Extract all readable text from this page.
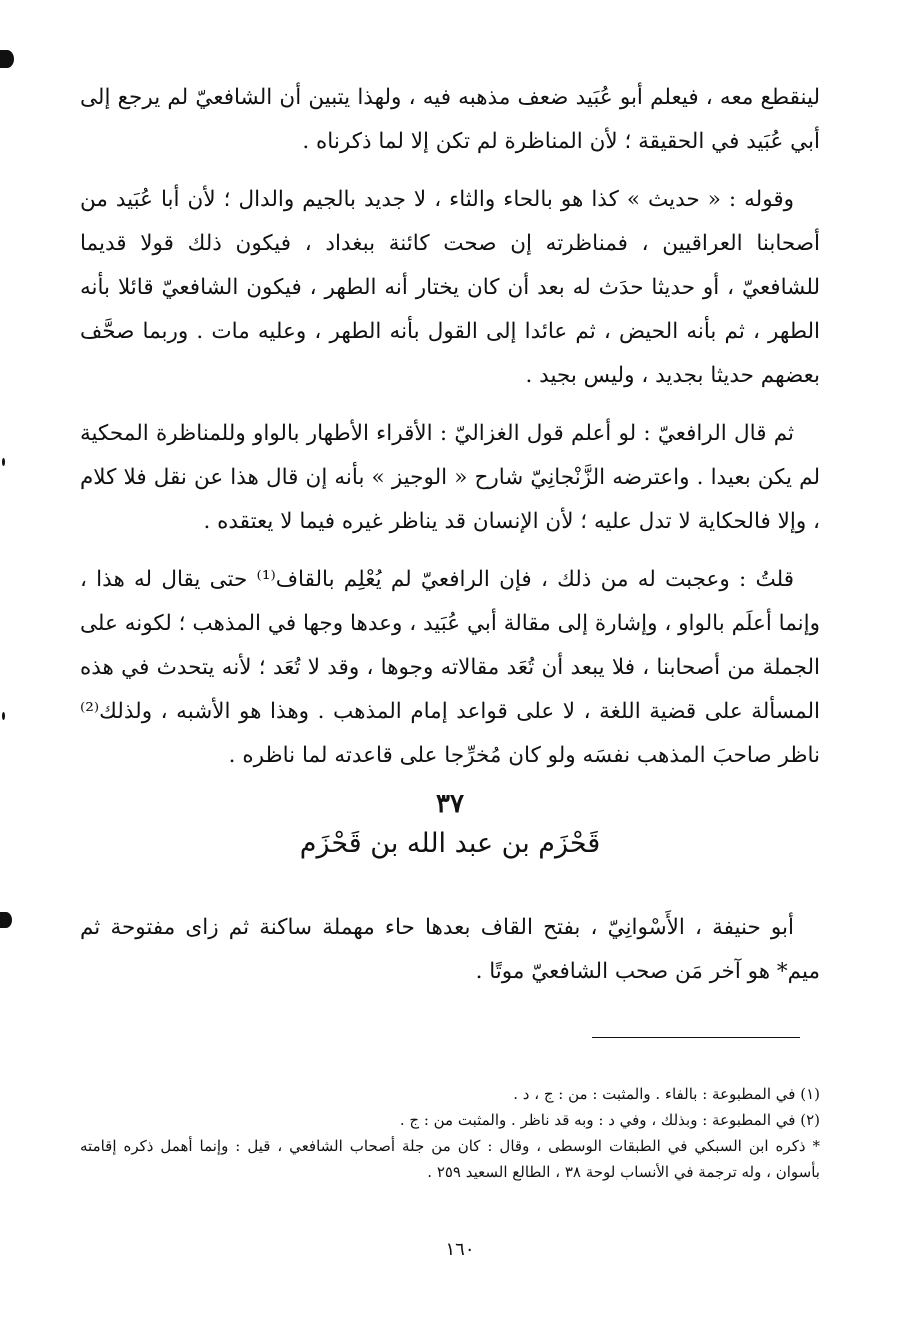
لينقطع معه ، فيعلم أبو عُبَيد ضعف مذهبه فيه ، ولهذا يتبين أن الشافعيّ لم يرجع إلى أبي عُبَيد في الحقيقة ؛ لأن المناظرة لم تكن إلا لما ذكرناه .

وقوله : « حديث » كذا هو بالحاء والثاء ، لا جديد بالجيم والدال ؛ لأن أبا عُبَيد من أصحابنا العراقيين ، فمناظرته إن صحت كائنة ببغداد ، فيكون ذلك قولا قديما للشافعيّ ، أو حديثا حدَث له بعد أن كان يختار أنه الطهر ، فيكون الشافعيّ قائلا بأنه الطهر ، ثم بأنه الحيض ، ثم عائدا إلى القول بأنه الطهر ، وعليه مات . وربما صحَّف بعضهم حديثا بجديد ، وليس بجيد .

ثم قال الرافعيّ : لو أعلم قول الغزاليّ : الأقراء الأطهار بالواو وللمناظرة المحكية لم يكن بعيدا . واعترضه الزَّنْجانِيّ شارح « الوجيز » بأنه إن قال هذا عن نقل فلا كلام ، وإلا فالحكاية لا تدل عليه ؛ لأن الإنسان قد يناظر غيره فيما لا يعتقده .

قلتُ : وعجبت له من ذلك ، فإن الرافعيّ لم يُعْلِم بالقاف⁽¹⁾ حتى يقال له هذا ، وإنما أعلَم بالواو ، وإشارة إلى مقالة أبي عُبَيد ، وعدها وجها في المذهب ؛ لكونه على الجملة من أصحابنا ، فلا يبعد أن تُعَد مقالاته وجوها ، وقد لا تُعَد ؛ لأنه يتحدث في هذه المسألة على قضية اللغة ، لا على قواعد إمام المذهب . وهذا هو الأشبه ، ولذلك⁽²⁾ ناظر صاحبَ المذهب نفسَه ولو كان مُخرِّجا على قاعدته لما ناظره .

٣٧
قَحْزَم بن عبد الله بن قَحْزَم

أبو حنيفة ، الأَسْوانِيّ ، بفتح القاف بعدها حاء مهملة ساكنة ثم زاى مفتوحة ثم ميم* هو آخر مَن صحب الشافعيّ موتًا .

(١) في المطبوعة : بالفاء . والمثبت : من : ج ، د .
(٢) في المطبوعة : وبذلك ، وفي د : وبه قد ناظر . والمثبت من : ج .
* ذكره ابن السبكي في الطبقات الوسطى ، وقال : كان من جلة أصحاب الشافعي ، قيل : وإنما أهمل ذكره إقامته بأسوان ، وله ترجمة في الأنساب لوحة ٣٨ ، الطالع السعيد ٢٥٩ .
١٦٠
